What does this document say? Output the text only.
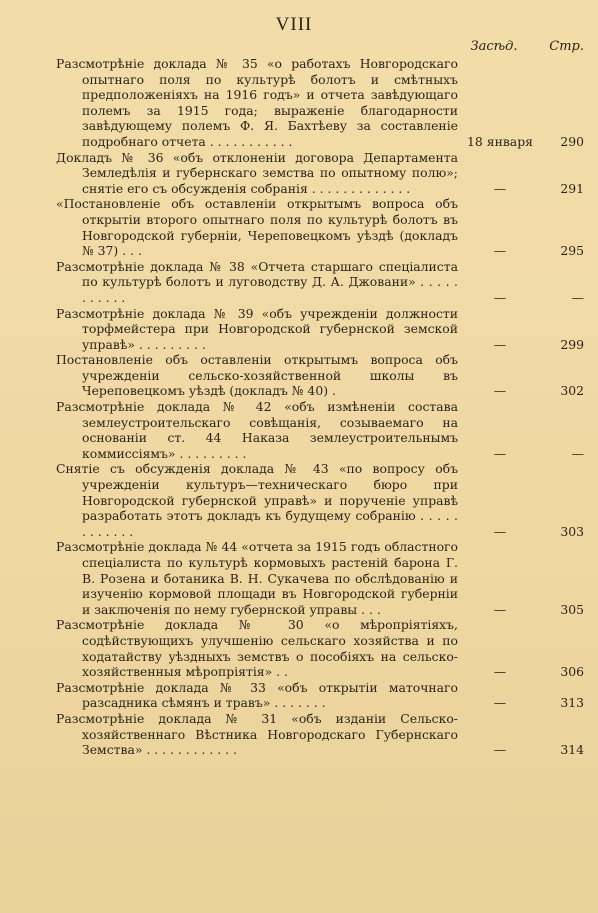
VIII
Засѣд.	Стр.
Разсмотрѣніе доклада № 35 «о работахъ Новгородскаго опытнаго поля по культурѣ болотъ и смѣтныхъ предположеніяхъ на 1916 годъ» и отчета завѣдующаго полемъ за 1915 года; выраженіе благодарности завѣдующему полемъ Ф. Я. Бахтѣеву за составленіе подробнаго отчета . . . . . . . . . . .	18 января	290
Докладъ № 36 «объ отклоненіи договора Департамента Земледѣлія и губернскаго земства по опытному полю»; снятіе его съ обсужденія собранія . . . . . . . . . . . . .	—	291
«Постановленіе объ оставленіи открытымъ вопроса объ открытіи второго опытнаго поля по культурѣ болотъ въ Новгородской губерніи, Череповецкомъ уѣздѣ (докладъ № 37) . . .	—	295
Разсмотрѣніе доклада № 38 «Отчета старшаго спеціалиста по культурѣ болотъ и луговодству Д. А. Джовани» . . . . . . . . . . .	—	—
Разсмотрѣніе доклада № 39 «объ учрежденіи должности торфмейстера при Новгородской губернской земской управѣ» . . . . . . . . .	—	299
Постановленіе объ оставленіи открытымъ вопроса объ учрежденіи сельско-хозяйственной школы въ Череповецкомъ уѣздѣ (докладъ № 40) .	—	302
Разсмотрѣніе доклада № 42 «объ измѣненіи состава землеустроительскаго совѣщанія, созываемаго на основаніи ст. 44 Наказа землеустроительнымъ коммиссіямъ» . . . . . . . . .	—	—
Снятіе съ обсужденія доклада № 43 «по вопросу объ учрежденіи культуръ—техническаго бюро при Новгородской губернской управѣ» и порученіе управѣ разработать этотъ докладъ къ будущему собранію . . . . . . . . . . . .	—	303
Разсмотрѣніе доклада № 44 «отчета за 1915 годъ областного спеціалиста по культурѣ кормовыхъ растеній барона Г. В. Розена и ботаника В. Н. Сукачева по обслѣдованію и изученію кормовой площади въ Новгородской губерніи и заключенія по нему губернской управы . . .	—	305
Разсмотрѣніе доклада № 30 «о мѣропріятіяхъ, содѣйствующихъ улучшенію сельскаго хозяйства и по ходатайству уѣздныхъ земствъ о пособіяхъ на сельско-хозяйственныя мѣропріятія» . .	—	306
Разсмотрѣніе доклада № 33 «объ открытіи маточнаго разсадника сѣмянъ и травъ» . . . . . . .	—	313
Разсмотрѣніе доклада № 31 «объ изданіи Сельско-хозяйственнаго Вѣстника Новгородскаго Губернскаго Земства» . . . . . . . . . . . .	—	314
